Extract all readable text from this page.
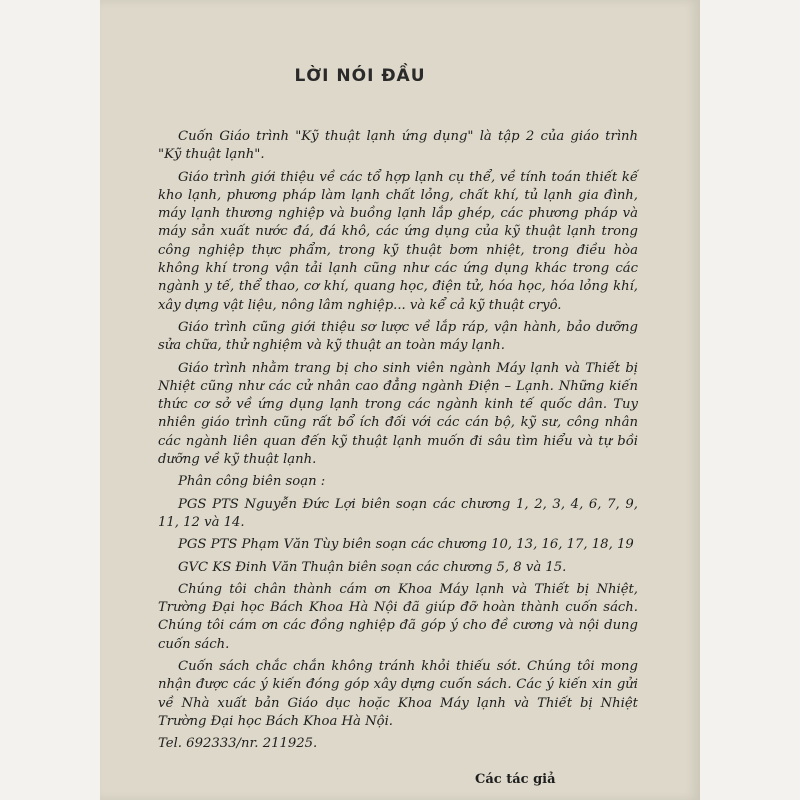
LỜI NÓI ĐẦU

Cuốn Giáo trình "Kỹ thuật lạnh ứng dụng" là tập 2 của giáo trình "Kỹ thuật lạnh".

Giáo trình giới thiệu về các tổ hợp lạnh cụ thể, về tính toán thiết kế kho lạnh, phương pháp làm lạnh chất lỏng, chất khí, tủ lạnh gia đình, máy lạnh thương nghiệp và buồng lạnh lắp ghép, các phương pháp và máy sản xuất nước đá, đá khô, các ứng dụng của kỹ thuật lạnh trong công nghiệp thực phẩm, trong kỹ thuật bơm nhiệt, trong điều hòa không khí trong vận tải lạnh cũng như các ứng dụng khác trong các ngành y tế, thể thao, cơ khí, quang học, điện tử, hóa học, hóa lỏng khí, xây dựng vật liệu, nông lâm nghiệp... và kể cả kỹ thuật cryô.

Giáo trình cũng giới thiệu sơ lược về lắp ráp, vận hành, bảo dưỡng sửa chữa, thử nghiệm và kỹ thuật an toàn máy lạnh.

Giáo trình nhằm trang bị cho sinh viên ngành Máy lạnh và Thiết bị Nhiệt cũng như các cử nhân cao đẳng ngành Điện – Lạnh. Những kiến thức cơ sở về ứng dụng lạnh trong các ngành kinh tế quốc dân. Tuy nhiên giáo trình cũng rất bổ ích đối với các cán bộ, kỹ sư, công nhân các ngành liên quan đến kỹ thuật lạnh muốn đi sâu tìm hiểu và tự bồi dưỡng về kỹ thuật lạnh.

Phân công biên soạn :

PGS PTS Nguyễn Đức Lợi biên soạn các chương 1, 2, 3, 4, 6, 7, 9, 11, 12 và 14.

PGS PTS Phạm Văn Tùy biên soạn các chương 10, 13, 16, 17, 18, 19

GVC KS Đinh Văn Thuận biên soạn các chương 5, 8 và 15.

Chúng tôi chân thành cám ơn Khoa Máy lạnh và Thiết bị Nhiệt, Trường Đại học Bách Khoa Hà Nội đã giúp đỡ hoàn thành cuốn sách. Chúng tôi cám ơn các đồng nghiệp đã góp ý cho đề cương và nội dung cuốn sách.

Cuốn sách chắc chắn không tránh khỏi thiếu sót. Chúng tôi mong nhận được các ý kiến đóng góp xây dựng cuốn sách. Các ý kiến xin gửi về Nhà xuất bản Giáo dục hoặc Khoa Máy lạnh và Thiết bị Nhiệt Trường Đại học Bách Khoa Hà Nội.

Tel. 692333/nr. 211925.

Các tác giả
